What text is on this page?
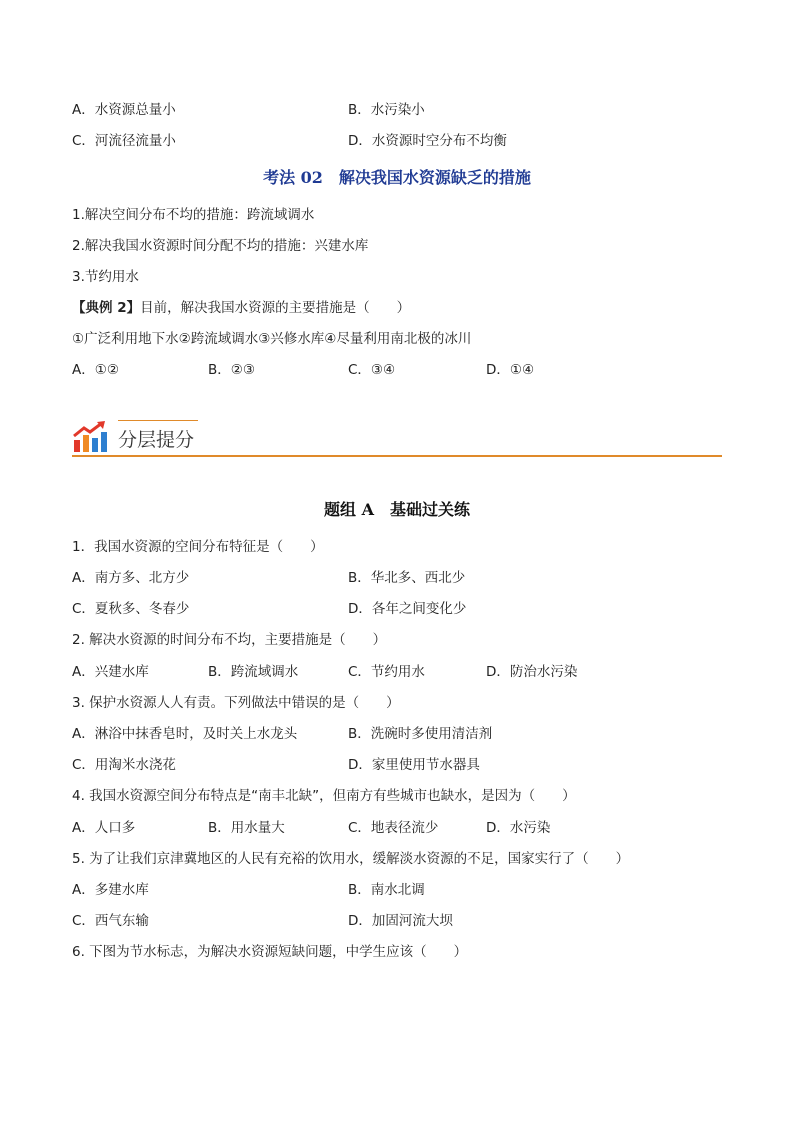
A．水资源总量小	B．水污染小
C．河流径流量小	D．水资源时空分布不均衡
考法 02　解决我国水资源缺乏的措施
1.解决空间分布不均的措施：跨流域调水
2.解决我国水资源时间分配不均的措施：兴建水库
3.节约用水
【典例 2】目前，解决我国水资源的主要措施是（　　）
①广泛利用地下水②跨流域调水③兴修水库④尽量利用南北极的冰川
A．①②	B．②③	C．③④	D．①④
分层提分
题组 A　基础过关练
1．我国水资源的空间分布特征是（　　）
A．南方多、北方少	B．华北多、西北少
C．夏秋多、冬春少	D．各年之间变化少
2. 解决水资源的时间分布不均，主要措施是（　　）
A．兴建水库	B．跨流域调水	C．节约用水	D．防治水污染
3. 保护水资源人人有责。下列做法中错误的是（　　）
A．淋浴中抹香皂时，及时关上水龙头	B．洗碗时多使用清洁剂
C．用淘米水浇花	D．家里使用节水器具
4. 我国水资源空间分布特点是“南丰北缺”，但南方有些城市也缺水，是因为（　　）
A．人口多	B．用水量大	C．地表径流少	D．水污染
5. 为了让我们京津冀地区的人民有充裕的饮用水，缓解淡水资源的不足，国家实行了（　　）
A．多建水库	B．南水北调
C．西气东输	D．加固河流大坝
6. 下图为节水标志，为解决水资源短缺问题，中学生应该（　　）
